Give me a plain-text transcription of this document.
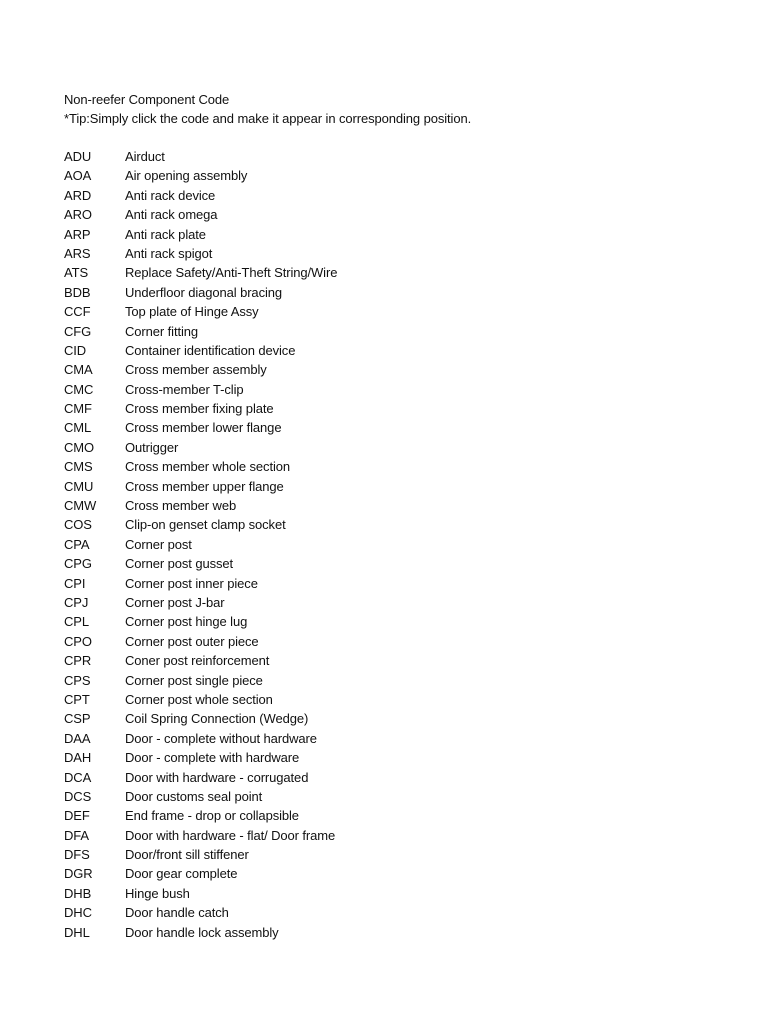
Non-reefer Component Code
*Tip:Simply click the code and make it appear in corresponding position.
ADU	Airduct
AOA	Air opening assembly
ARD	Anti rack device
ARO	Anti rack omega
ARP	Anti rack plate
ARS	Anti rack spigot
ATS	Replace Safety/Anti-Theft String/Wire
BDB	Underfloor diagonal bracing
CCF	Top plate of Hinge Assy
CFG	Corner fitting
CID	Container identification device
CMA	Cross member assembly
CMC	Cross-member T-clip
CMF	Cross member fixing plate
CML	Cross member lower flange
CMO	Outrigger
CMS	Cross member whole section
CMU	Cross member upper flange
CMW	Cross member web
COS	Clip-on genset clamp socket
CPA	Corner post
CPG	Corner post gusset
CPI	Corner post inner piece
CPJ	Corner post J-bar
CPL	Corner post hinge lug
CPO	Corner post outer piece
CPR	Coner post reinforcement
CPS	Corner post single piece
CPT	Corner post whole section
CSP	Coil Spring Connection (Wedge)
DAA	Door - complete without hardware
DAH	Door - complete with hardware
DCA	Door with hardware - corrugated
DCS	Door customs seal point
DEF	End frame - drop or collapsible
DFA	Door with hardware - flat/ Door frame
DFS	Door/front sill stiffener
DGR	Door gear complete
DHB	Hinge bush
DHC	Door handle catch
DHL	Door handle lock assembly
